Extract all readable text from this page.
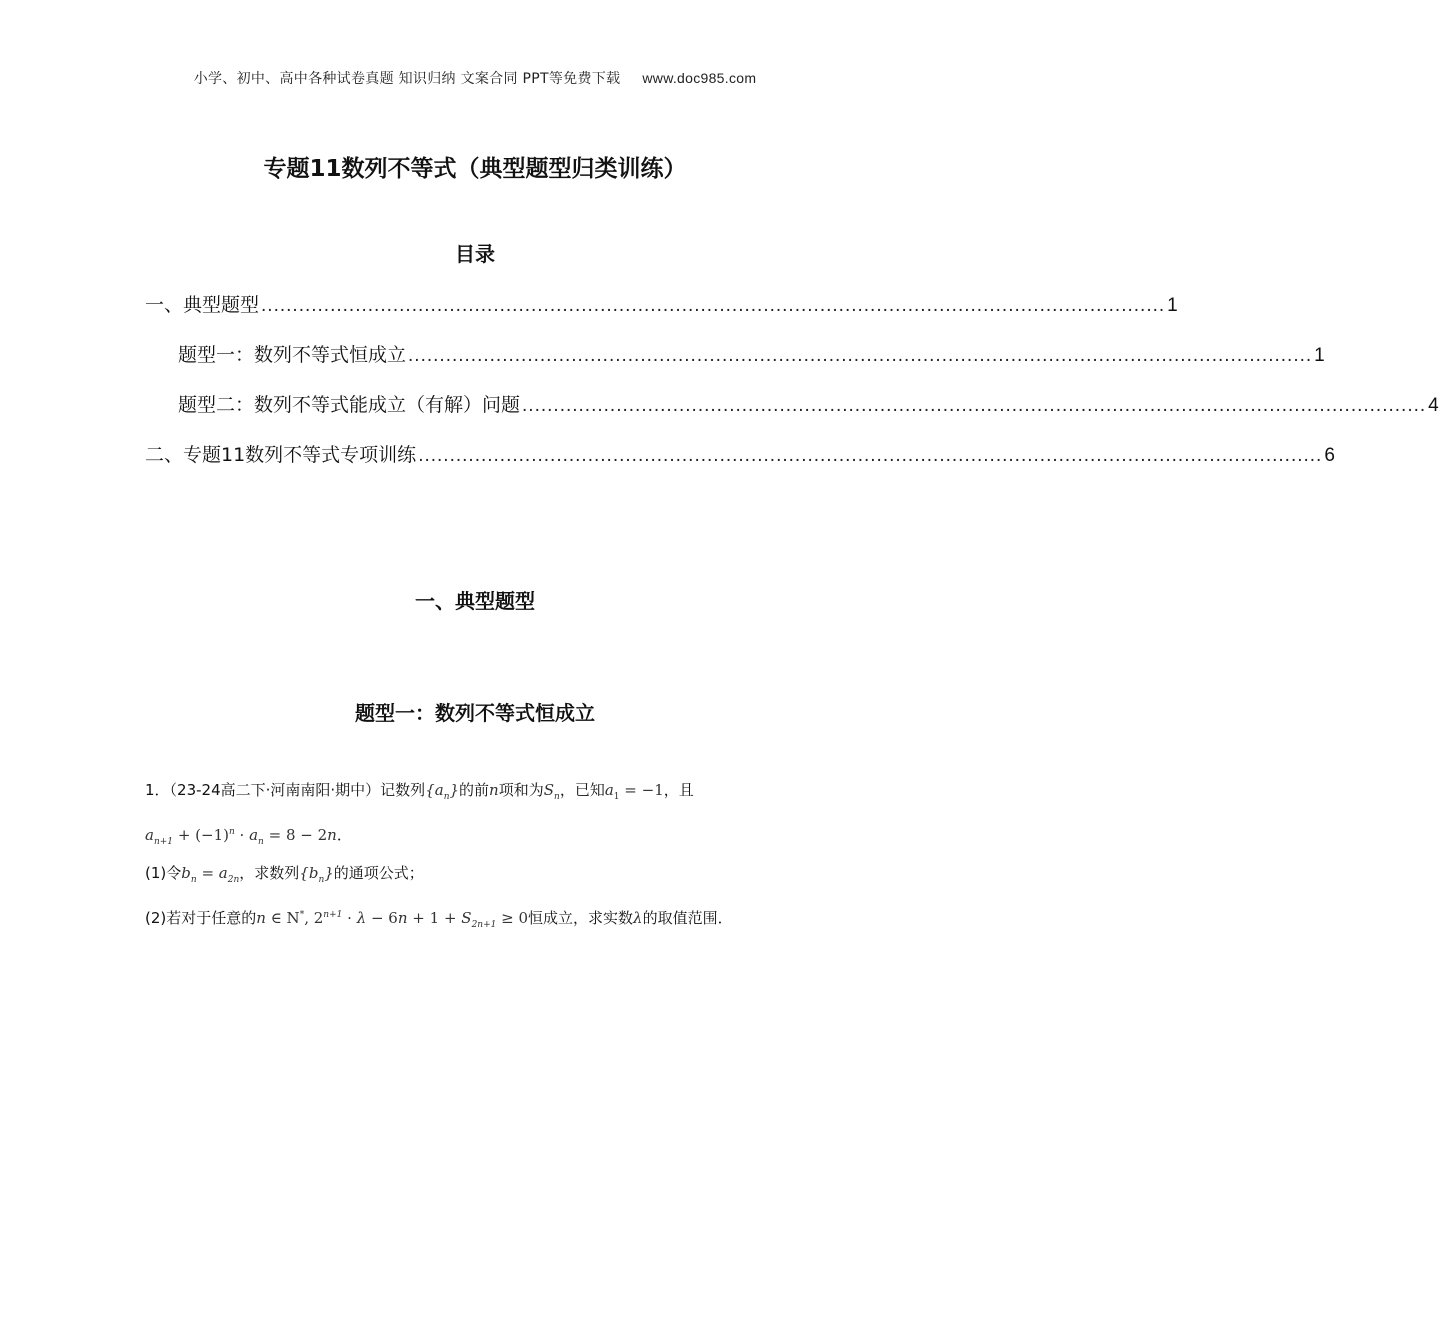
小学、初中、高中各种试卷真题 知识归纳 文案合同 PPT等免费下载 www.doc985.com
专题11数列不等式（典型题型归类训练）
目录
一、典型题型 ................................................................................................................................................ 1
题型一：数列不等式恒成立 ................................................................................................................................................ 1
题型二：数列不等式能成立（有解）问题 ................................................................................................................................................ 4
二、专题11数列不等式专项训练 ................................................................................................................................................ 6
一、典型题型
题型一：数列不等式恒成立
1．（23-24高二下·河南南阳·期中）记数列$\{a_n\}$的前n项和为$S_n$，已知$a_1 = -1$，且
$a_{n+1} + (-1)^n \cdot a_n = 8 - 2n$．
(1)令$b_n = a_{2n}$，求数列$\{b_n\}$的通项公式；
(2)若对于任意的n ∈ N*, $2^{n+1} \cdot \lambda - 6n + 1 + S_{2n+1} \ge 0$恒成立，求实数λ的取值范围．
